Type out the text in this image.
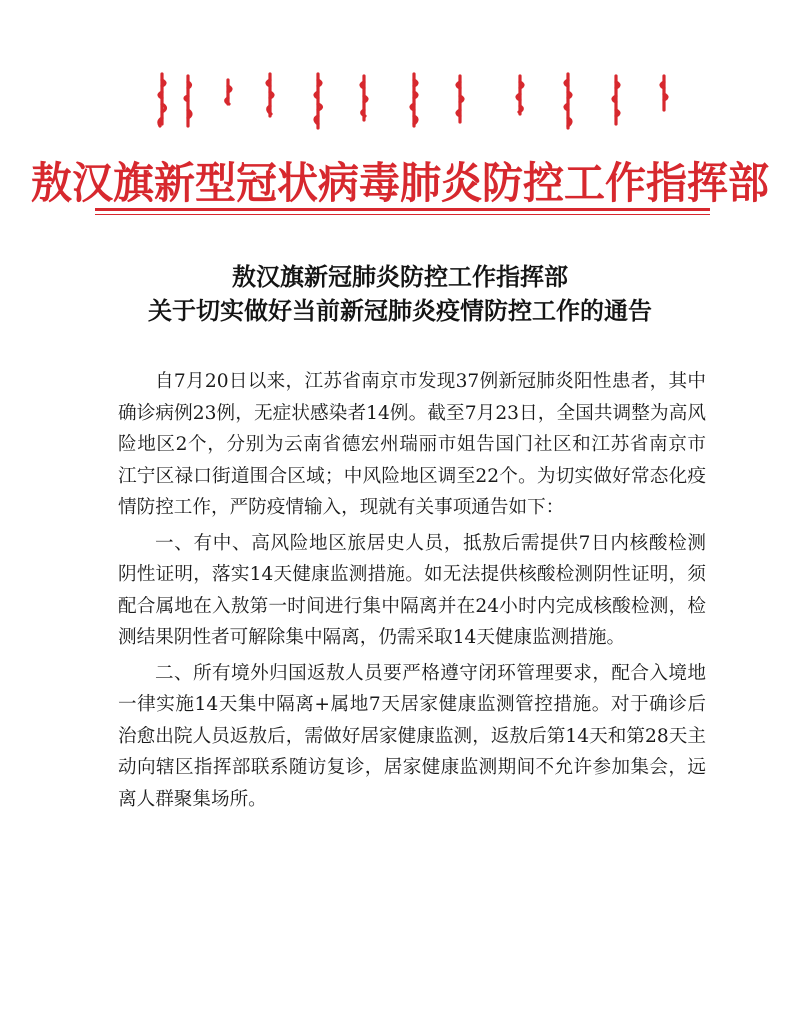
敖汉旗新型冠状病毒肺炎防控工作指挥部
敖汉旗新冠肺炎防控工作指挥部
关于切实做好当前新冠肺炎疫情防控工作的通告

自7月20日以来，江苏省南京市发现37例新冠肺炎阳性患者，其中确诊病例23例，无症状感染者14例。截至7月23日，全国共调整为高风险地区2个，分别为云南省德宏州瑞丽市姐告国门社区和江苏省南京市江宁区禄口街道围合区域；中风险地区调至22个。为切实做好常态化疫情防控工作，严防疫情输入，现就有关事项通告如下：

一、有中、高风险地区旅居史人员，抵敖后需提供7日内核酸检测阴性证明，落实14天健康监测措施。如无法提供核酸检测阴性证明，须配合属地在入敖第一时间进行集中隔离并在24小时内完成核酸检测，检测结果阴性者可解除集中隔离，仍需采取14天健康监测措施。

二、所有境外归国返敖人员要严格遵守闭环管理要求，配合入境地一律实施14天集中隔离+属地7天居家健康监测管控措施。对于确诊后治愈出院人员返敖后，需做好居家健康监测，返敖后第14天和第28天主动向辖区指挥部联系随访复诊，居家健康监测期间不允许参加集会，远离人群聚集场所。
